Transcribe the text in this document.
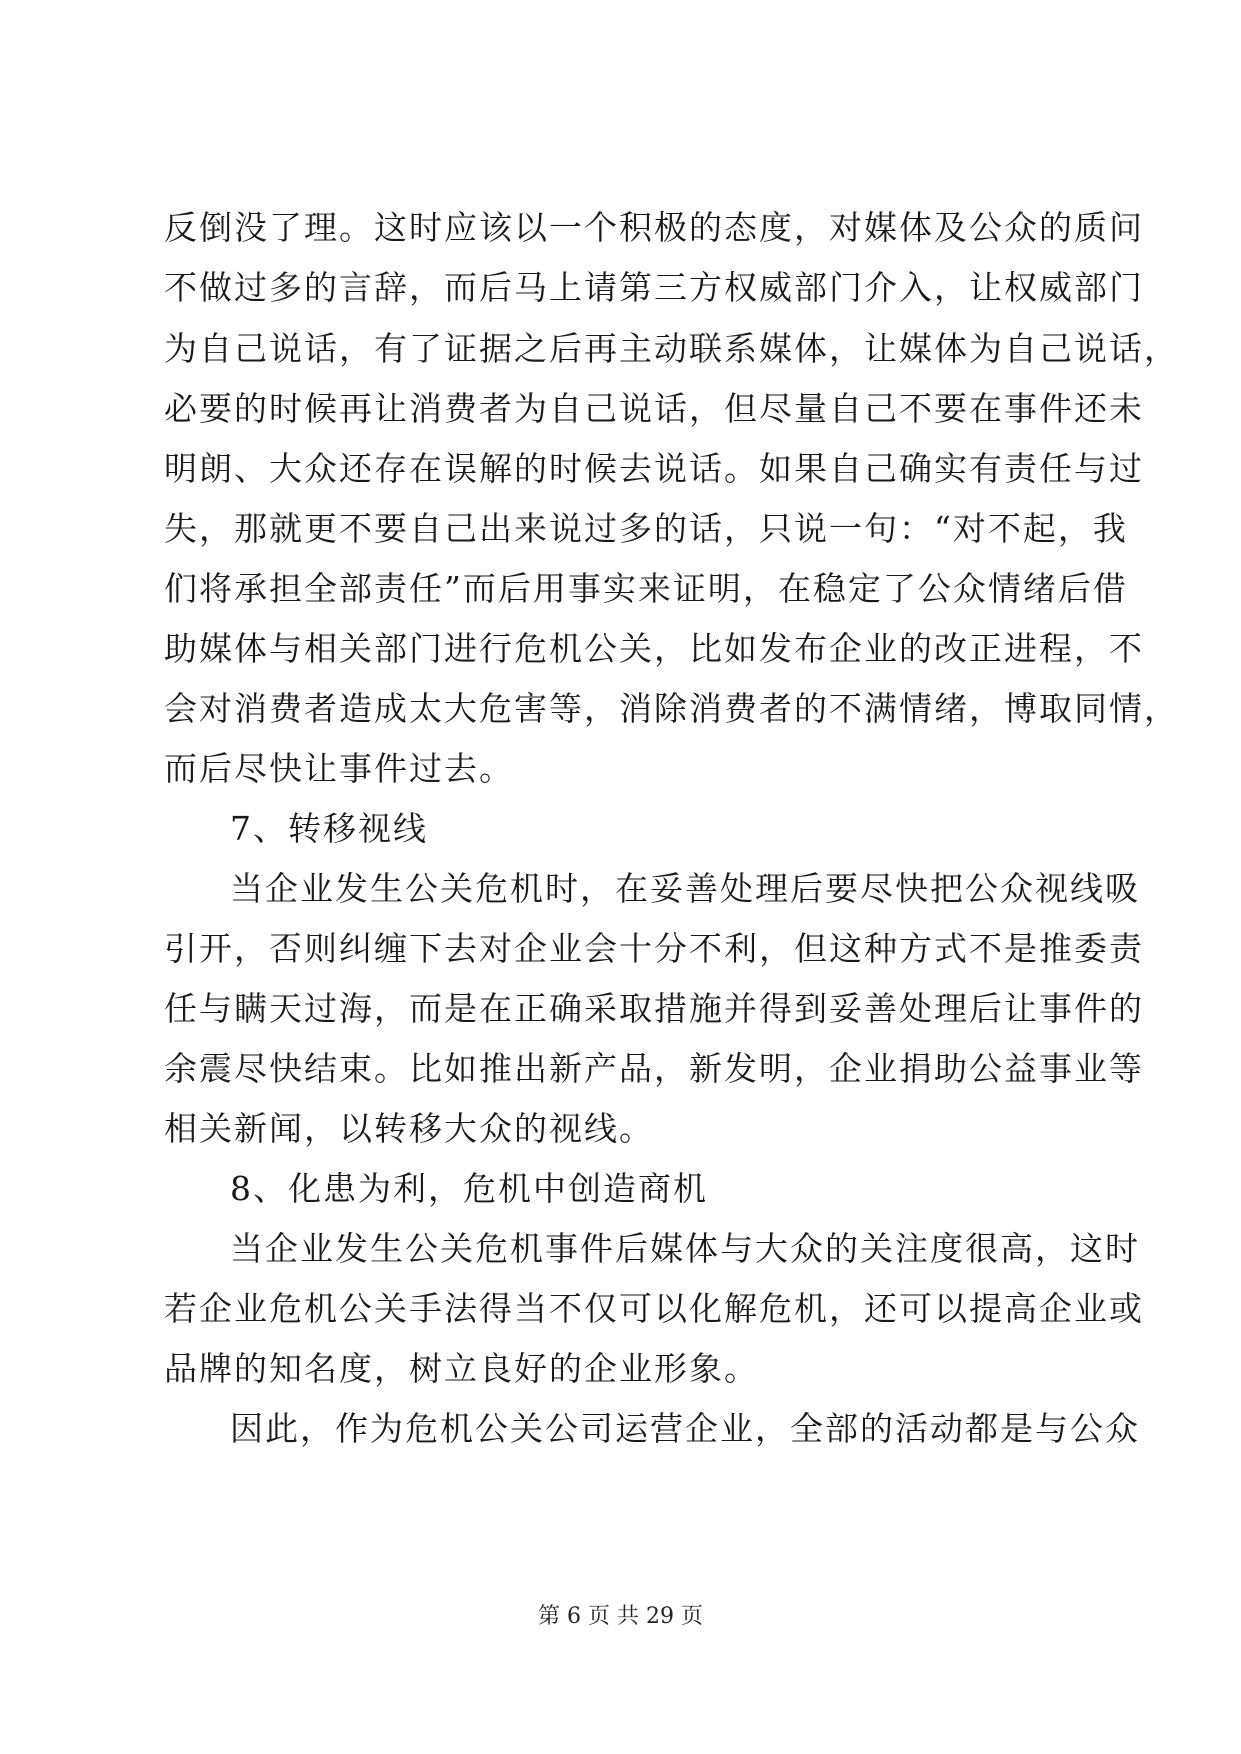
反倒没了理。这时应该以一个积极的态度，对媒体及公众的质问
不做过多的言辞，而后马上请第三方权威部门介入，让权威部门
为自己说话，有了证据之后再主动联系媒体，让媒体为自己说话，
必要的时候再让消费者为自己说话，但尽量自己不要在事件还未
明朗、大众还存在误解的时候去说话。如果自己确实有责任与过
失，那就更不要自己出来说过多的话，只说一句：“对不起，我
们将承担全部责任”而后用事实来证明，在稳定了公众情绪后借
助媒体与相关部门进行危机公关，比如发布企业的改正进程，不
会对消费者造成太大危害等，消除消费者的不满情绪，博取同情，
而后尽快让事件过去。
7、转移视线
当企业发生公关危机时，在妥善处理后要尽快把公众视线吸
引开，否则纠缠下去对企业会十分不利，但这种方式不是推委责
任与瞒天过海，而是在正确采取措施并得到妥善处理后让事件的
余震尽快结束。比如推出新产品，新发明，企业捐助公益事业等
相关新闻，以转移大众的视线。
8、化患为利，危机中创造商机
当企业发生公关危机事件后媒体与大众的关注度很高，这时
若企业危机公关手法得当不仅可以化解危机，还可以提高企业或
品牌的知名度，树立良好的企业形象。
因此，作为危机公关公司运营企业，全部的活动都是与公众
第 6 页 共 29 页
